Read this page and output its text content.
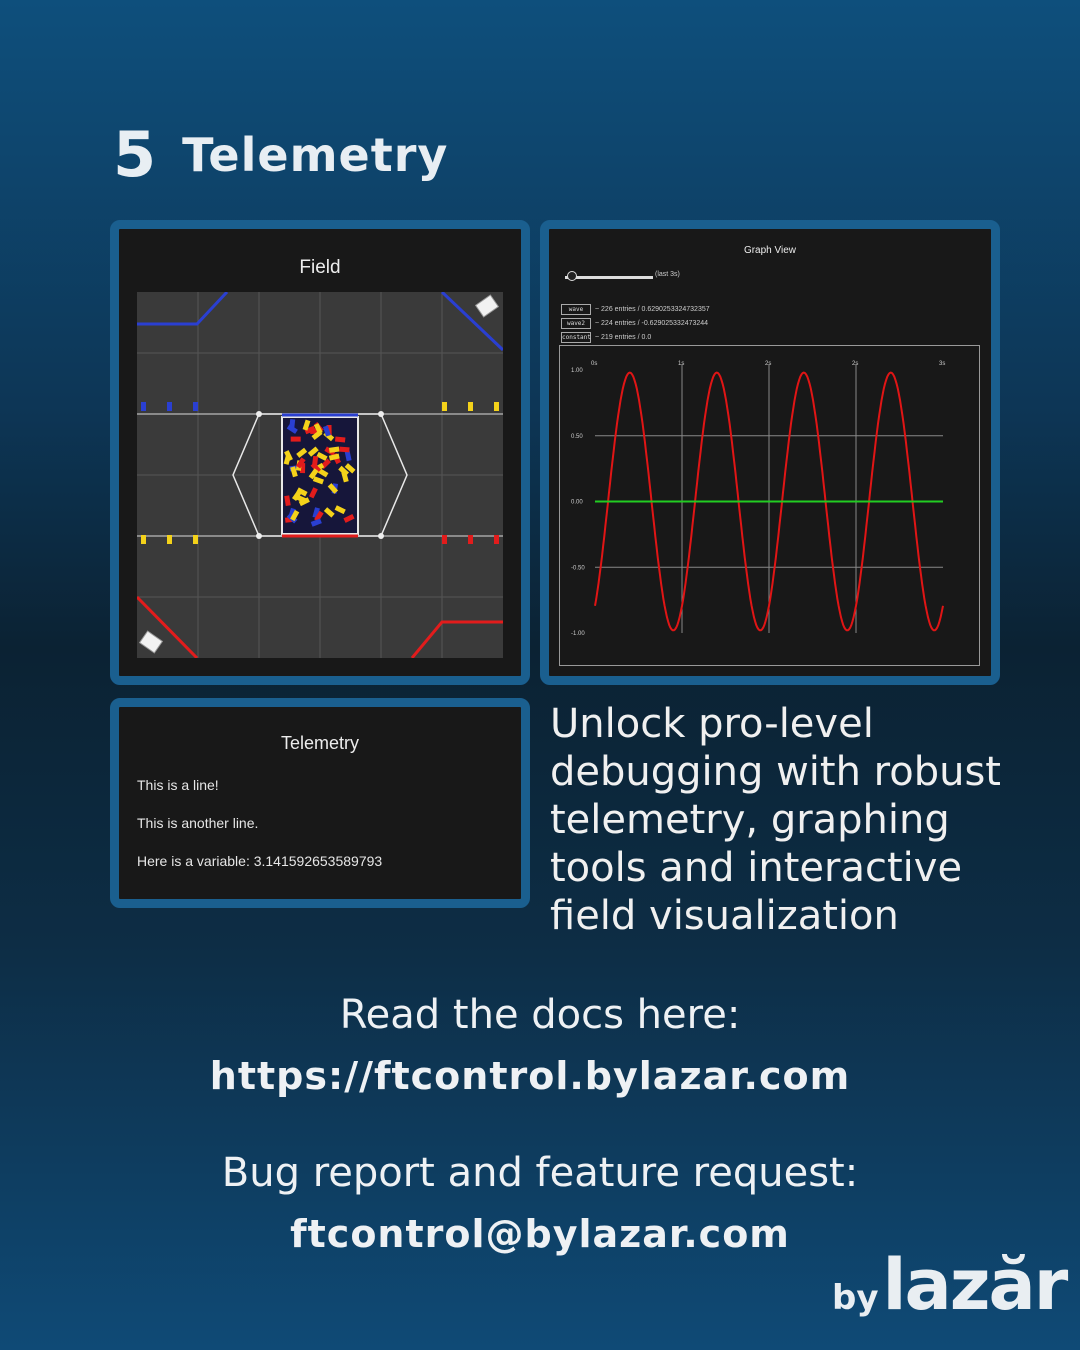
5 Telemetry
Field
Graph View
(last 3s)
wave	~ 226 entries / 0.6290253324732357
wave2	~ 224 entries / -0.629025332473244
constant ~ 219 entries / 0.0
1.00
0.50
0.00
-0.50
-1.00
0s	1s	2s	2s	3s
Telemetry
This is a line!
This is another line.
Here is a variable: 3.141592653589793

Unlock pro-level debugging with robust telemetry, graphing tools and interactive field visualization

Read the docs here:
https://ftcontrol.bylazar.com
Bug report and feature request:
ftcontrol@bylazar.com
by lazăr
